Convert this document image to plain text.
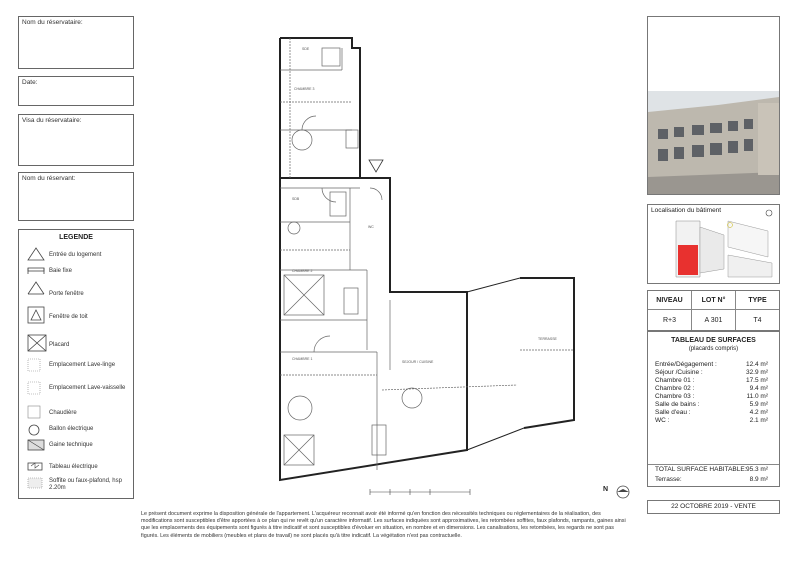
Nom du réservataire:
Date:
Visa du réservataire:
Nom du réservant:
LEGENDE
Entrée du logement
Baie fixe
Porte fenêtre
Fenêtre de toit
Placard
Emplacement Lave-linge
Emplacement Lave-vaisselle
Chaudière
Ballon électrique
Gaine technique
Tableau électrique
Soffite ou faux-plafond, hsp 2.20m
SDE
CHAMBRE 3
SDB
WC
CHAMBRE 2
CHAMBRE 1
SEJOUR / CUISINE
TERRASSE
N
Le présent document exprime la disposition générale de l'appartement. L'acquéreur reconnait avoir été informé qu'en fonction des nécessités techniques ou réglementaires de la réalisation, des modifications sont susceptibles d'être apportées à ce plan qui ne revêt qu'un caractère informatif. Les surfaces indiquées sont approximatives, les retombées soffites, faux plafonds, rampants, gaines ainsi que les emplacements des équipements sont figurés à titre indicatif et sont susceptibles d'évoluer en situation, en nombre et en dimensions. Les canalisations, les retombées, les regards ne sont pas figurés. Les éléments de mobiliers (meubles et plans de travail) ne sont placés qu'à titre indicatif. La végétation n'est pas contractuelle.
Localisation du bâtiment
NIVEAU	LOT N°	TYPE
R+3	A 301	T4
TABLEAU DE SURFACES
(placards compris)
Entrée/Dégagement :	12.4 m²
Séjour /Cuisine :	32.9 m²
Chambre 01 :	17.5 m²
Chambre 02 :	9.4 m²
Chambre 03 :	11.0 m²
Salle de bains :	5.9 m²
Salle d'eau :	4.2 m²
WC :	2.1 m²
TOTAL SURFACE HABITABLE: 95.3 m²
Terrasse:	8.9 m²
22 OCTOBRE 2019 - VENTE
